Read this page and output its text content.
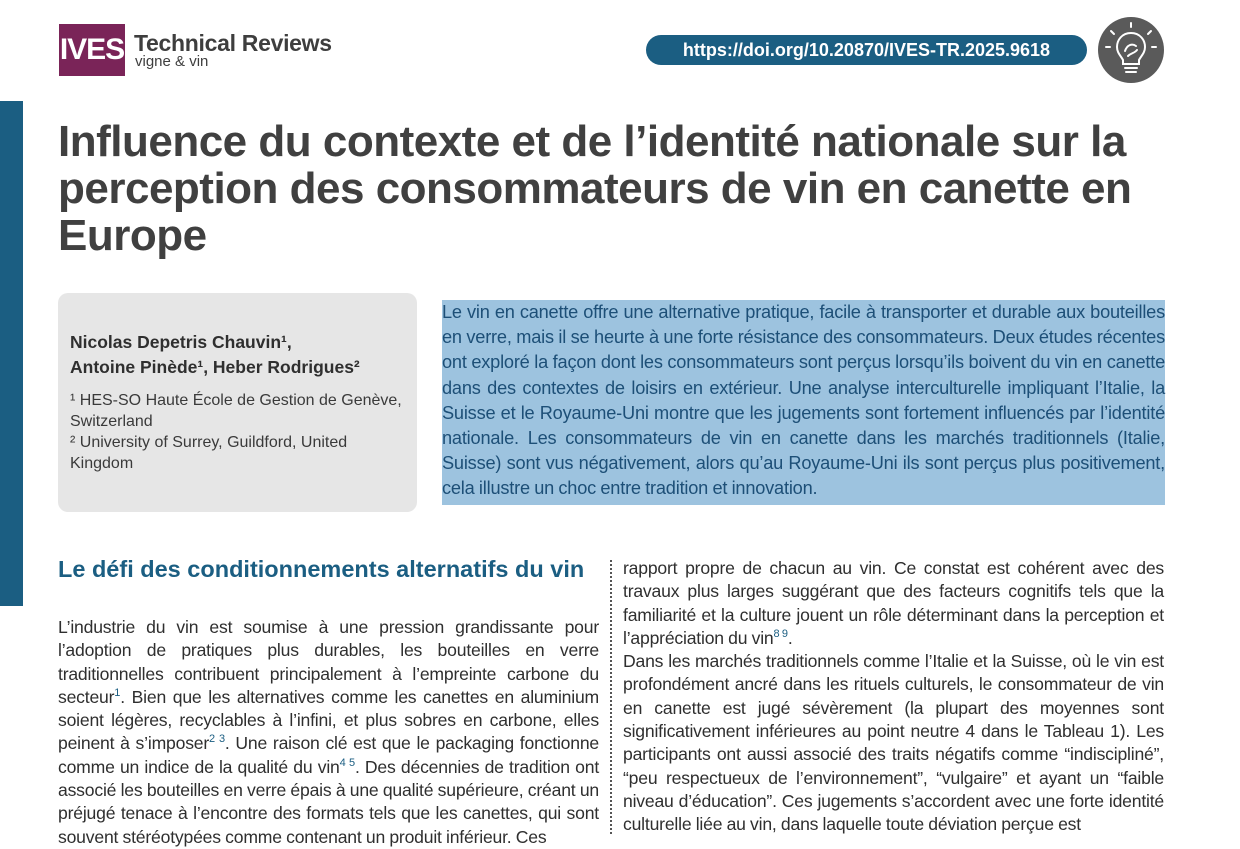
IVES Technical Reviews
vigne & vin
https://doi.org/10.20870/IVES-TR.2025.9618
Influence du contexte et de l’identité nationale sur la perception des consommateurs de vin en canette en Europe
Nicolas Depetris Chauvin¹,
Antoine Pinède¹, Heber Rodrigues²

¹ HES-SO Haute École de Gestion de Genève, Switzerland

² University of Surrey, Guildford, United Kingdom

Le vin en canette offre une alternative pratique, facile à transporter et durable aux bouteilles en verre, mais il se heurte à une forte résistance des consommateurs. Deux études récentes ont exploré la façon dont les consommateurs sont perçus lorsqu’ils boivent du vin en canette dans des contextes de loisirs en extérieur. Une analyse interculturelle impliquant l’Italie, la Suisse et le Royaume-Uni montre que les jugements sont fortement influencés par l’identité nationale. Les consommateurs de vin en canette dans les marchés traditionnels (Italie, Suisse) sont vus négativement, alors qu’au Royaume-Uni ils sont perçus plus positivement, cela illustre un choc entre tradition et innovation.

Le défi des conditionnements alternatifs du vin

L’industrie du vin est soumise à une pression grandissante pour l’adoption de pratiques plus durables, les bouteilles en verre traditionnelles contribuent principalement à l’empreinte carbone du secteur$^1$. Bien que les alternatives comme les canettes en aluminium soient légères, recyclables à l’infini, et plus sobres en carbone, elles peinent à s’imposer$^{2 3}$. Une raison clé est que le packaging fonctionne comme un indice de la qualité du vin$^{4 5}$. Des décennies de tradition ont associé les bouteilles en verre épais à une qualité supérieure, créant un préjugé tenace à l’encontre des formats tels que les canettes, qui sont souvent stéréotypées comme contenant un produit inférieur. Ces

rapport propre de chacun au vin. Ce constat est cohérent avec des travaux plus larges suggérant que des facteurs cognitifs tels que la familiarité et la culture jouent un rôle déterminant dans la perception et l’appréciation du vin$^{8 9}$.

Dans les marchés traditionnels comme l’Italie et la Suisse, où le vin est profondément ancré dans les rituels culturels, le consommateur de vin en canette est jugé sévèrement (la plupart des moyennes sont significativement inférieures au point neutre 4 dans le Tableau 1). Les participants ont aussi associé des traits négatifs comme “indiscipliné”, “peu respectueux de l’environnement”, “vulgaire” et ayant un “faible niveau d’éducation”. Ces jugements s’accordent avec une forte identité culturelle liée au vin, dans laquelle toute déviation perçue est
